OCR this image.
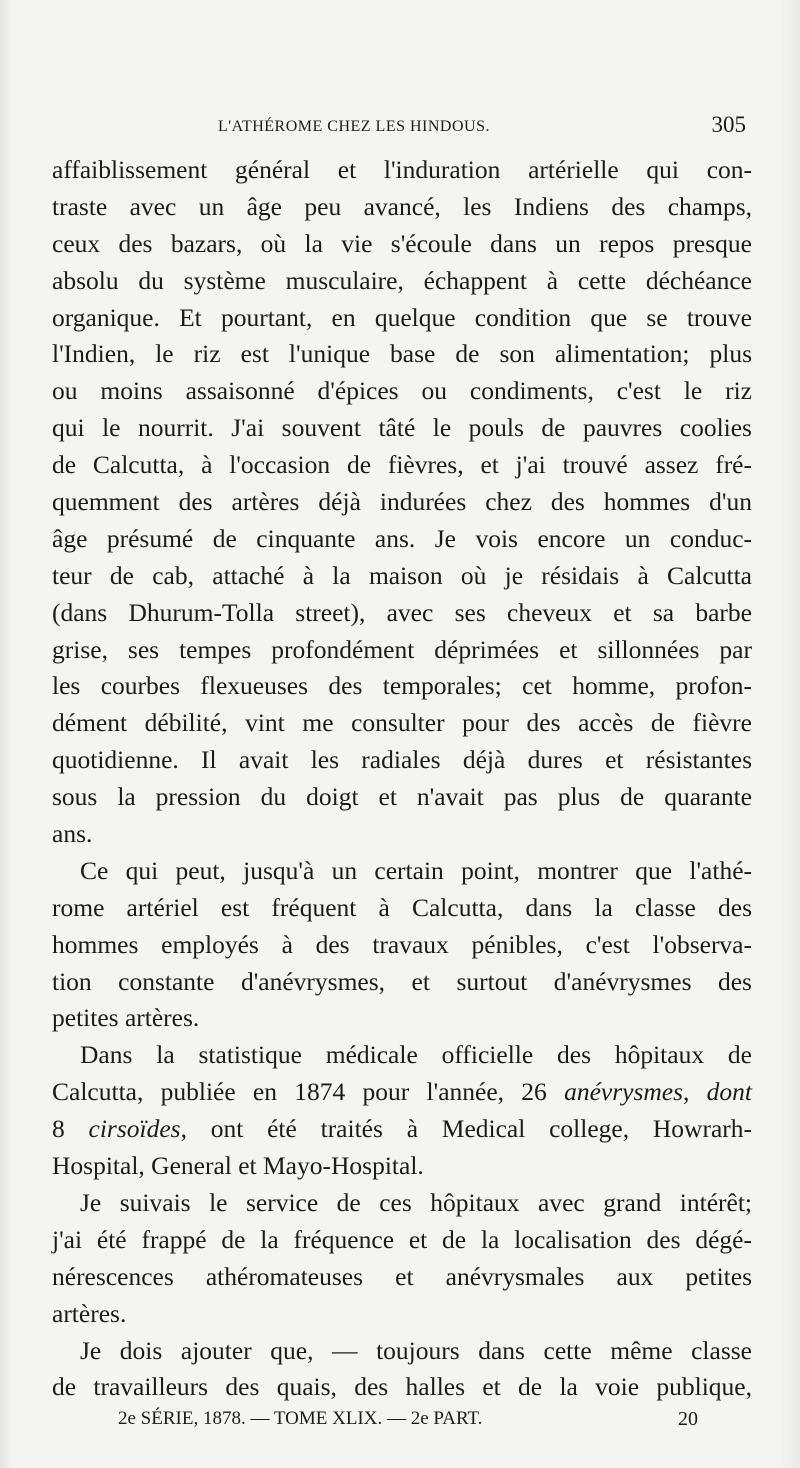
L'ATHÉROME CHEZ LES HINDOUS.	305
affaiblissement général et l'induration artérielle qui con-
traste avec un âge peu avancé, les Indiens des champs,
ceux des bazars, où la vie s'écoule dans un repos presque
absolu du système musculaire, échappent à cette déchéance
organique. Et pourtant, en quelque condition que se trouve
l'Indien, le riz est l'unique base de son alimentation; plus
ou moins assaisonné d'épices ou condiments, c'est le riz
qui le nourrit. J'ai souvent tâté le pouls de pauvres coolies
de Calcutta, à l'occasion de fièvres, et j'ai trouvé assez fré-
quemment des artères déjà indurées chez des hommes d'un
âge présumé de cinquante ans. Je vois encore un conduc-
teur de cab, attaché à la maison où je résidais à Calcutta
(dans Dhurum-Tolla street), avec ses cheveux et sa barbe
grise, ses tempes profondément déprimées et sillonnées par
les courbes flexueuses des temporales; cet homme, profon-
dément débilité, vint me consulter pour des accès de fièvre
quotidienne. Il avait les radiales déjà dures et résistantes
sous la pression du doigt et n'avait pas plus de quarante
ans.
Ce qui peut, jusqu'à un certain point, montrer que l'athé-
rome artériel est fréquent à Calcutta, dans la classe des
hommes employés à des travaux pénibles, c'est l'observa-
tion constante d'anévrysmes, et surtout d'anévrysmes des
petites artères.
Dans la statistique médicale officielle des hôpitaux de
Calcutta, publiée en 1874 pour l'année, 26 anévrysmes, dont
8 cirsoïdes, ont été traités à Medical college, Howrarh-
Hospital, General et Mayo-Hospital.
Je suivais le service de ces hôpitaux avec grand intérêt;
j'ai été frappé de la fréquence et de la localisation des dégé-
nérescences athéromateuses et anévrysmales aux petites
artères.
Je dois ajouter que, — toujours dans cette même classe
de travailleurs des quais, des halles et de la voie publique,
2e SÉRIE, 1878. — TOME XLIX. — 2e PART.	20
